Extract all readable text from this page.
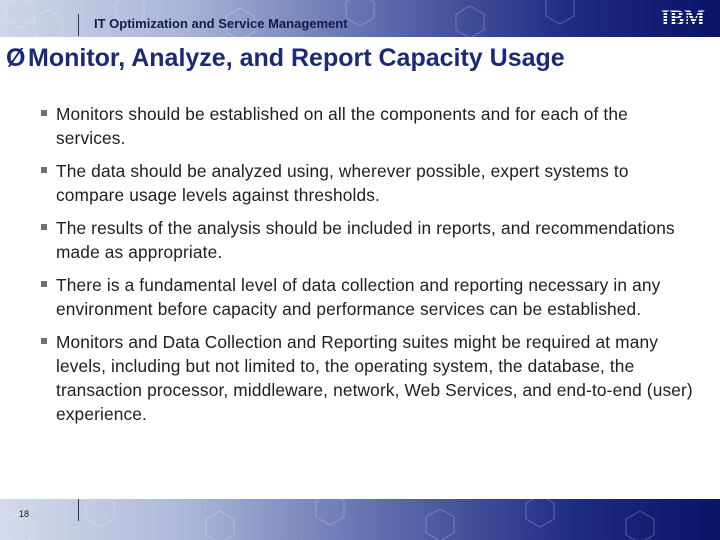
IT Optimization and Service Management	IBM
Ø Monitor, Analyze, and Report Capacity Usage
Monitors should be established on all the components and for each of the services.
The data should be analyzed using, wherever possible, expert systems to compare usage levels against thresholds.
The results of the analysis should be included in reports, and recommendations made as appropriate.
There is a fundamental level of data collection and reporting necessary in any environment before capacity and performance services can be established.
Monitors and Data Collection and Reporting suites might be required at many levels, including but not limited to, the operating system, the database, the transaction processor, middleware, network, Web Services, and end-to-end (user) experience.
18
